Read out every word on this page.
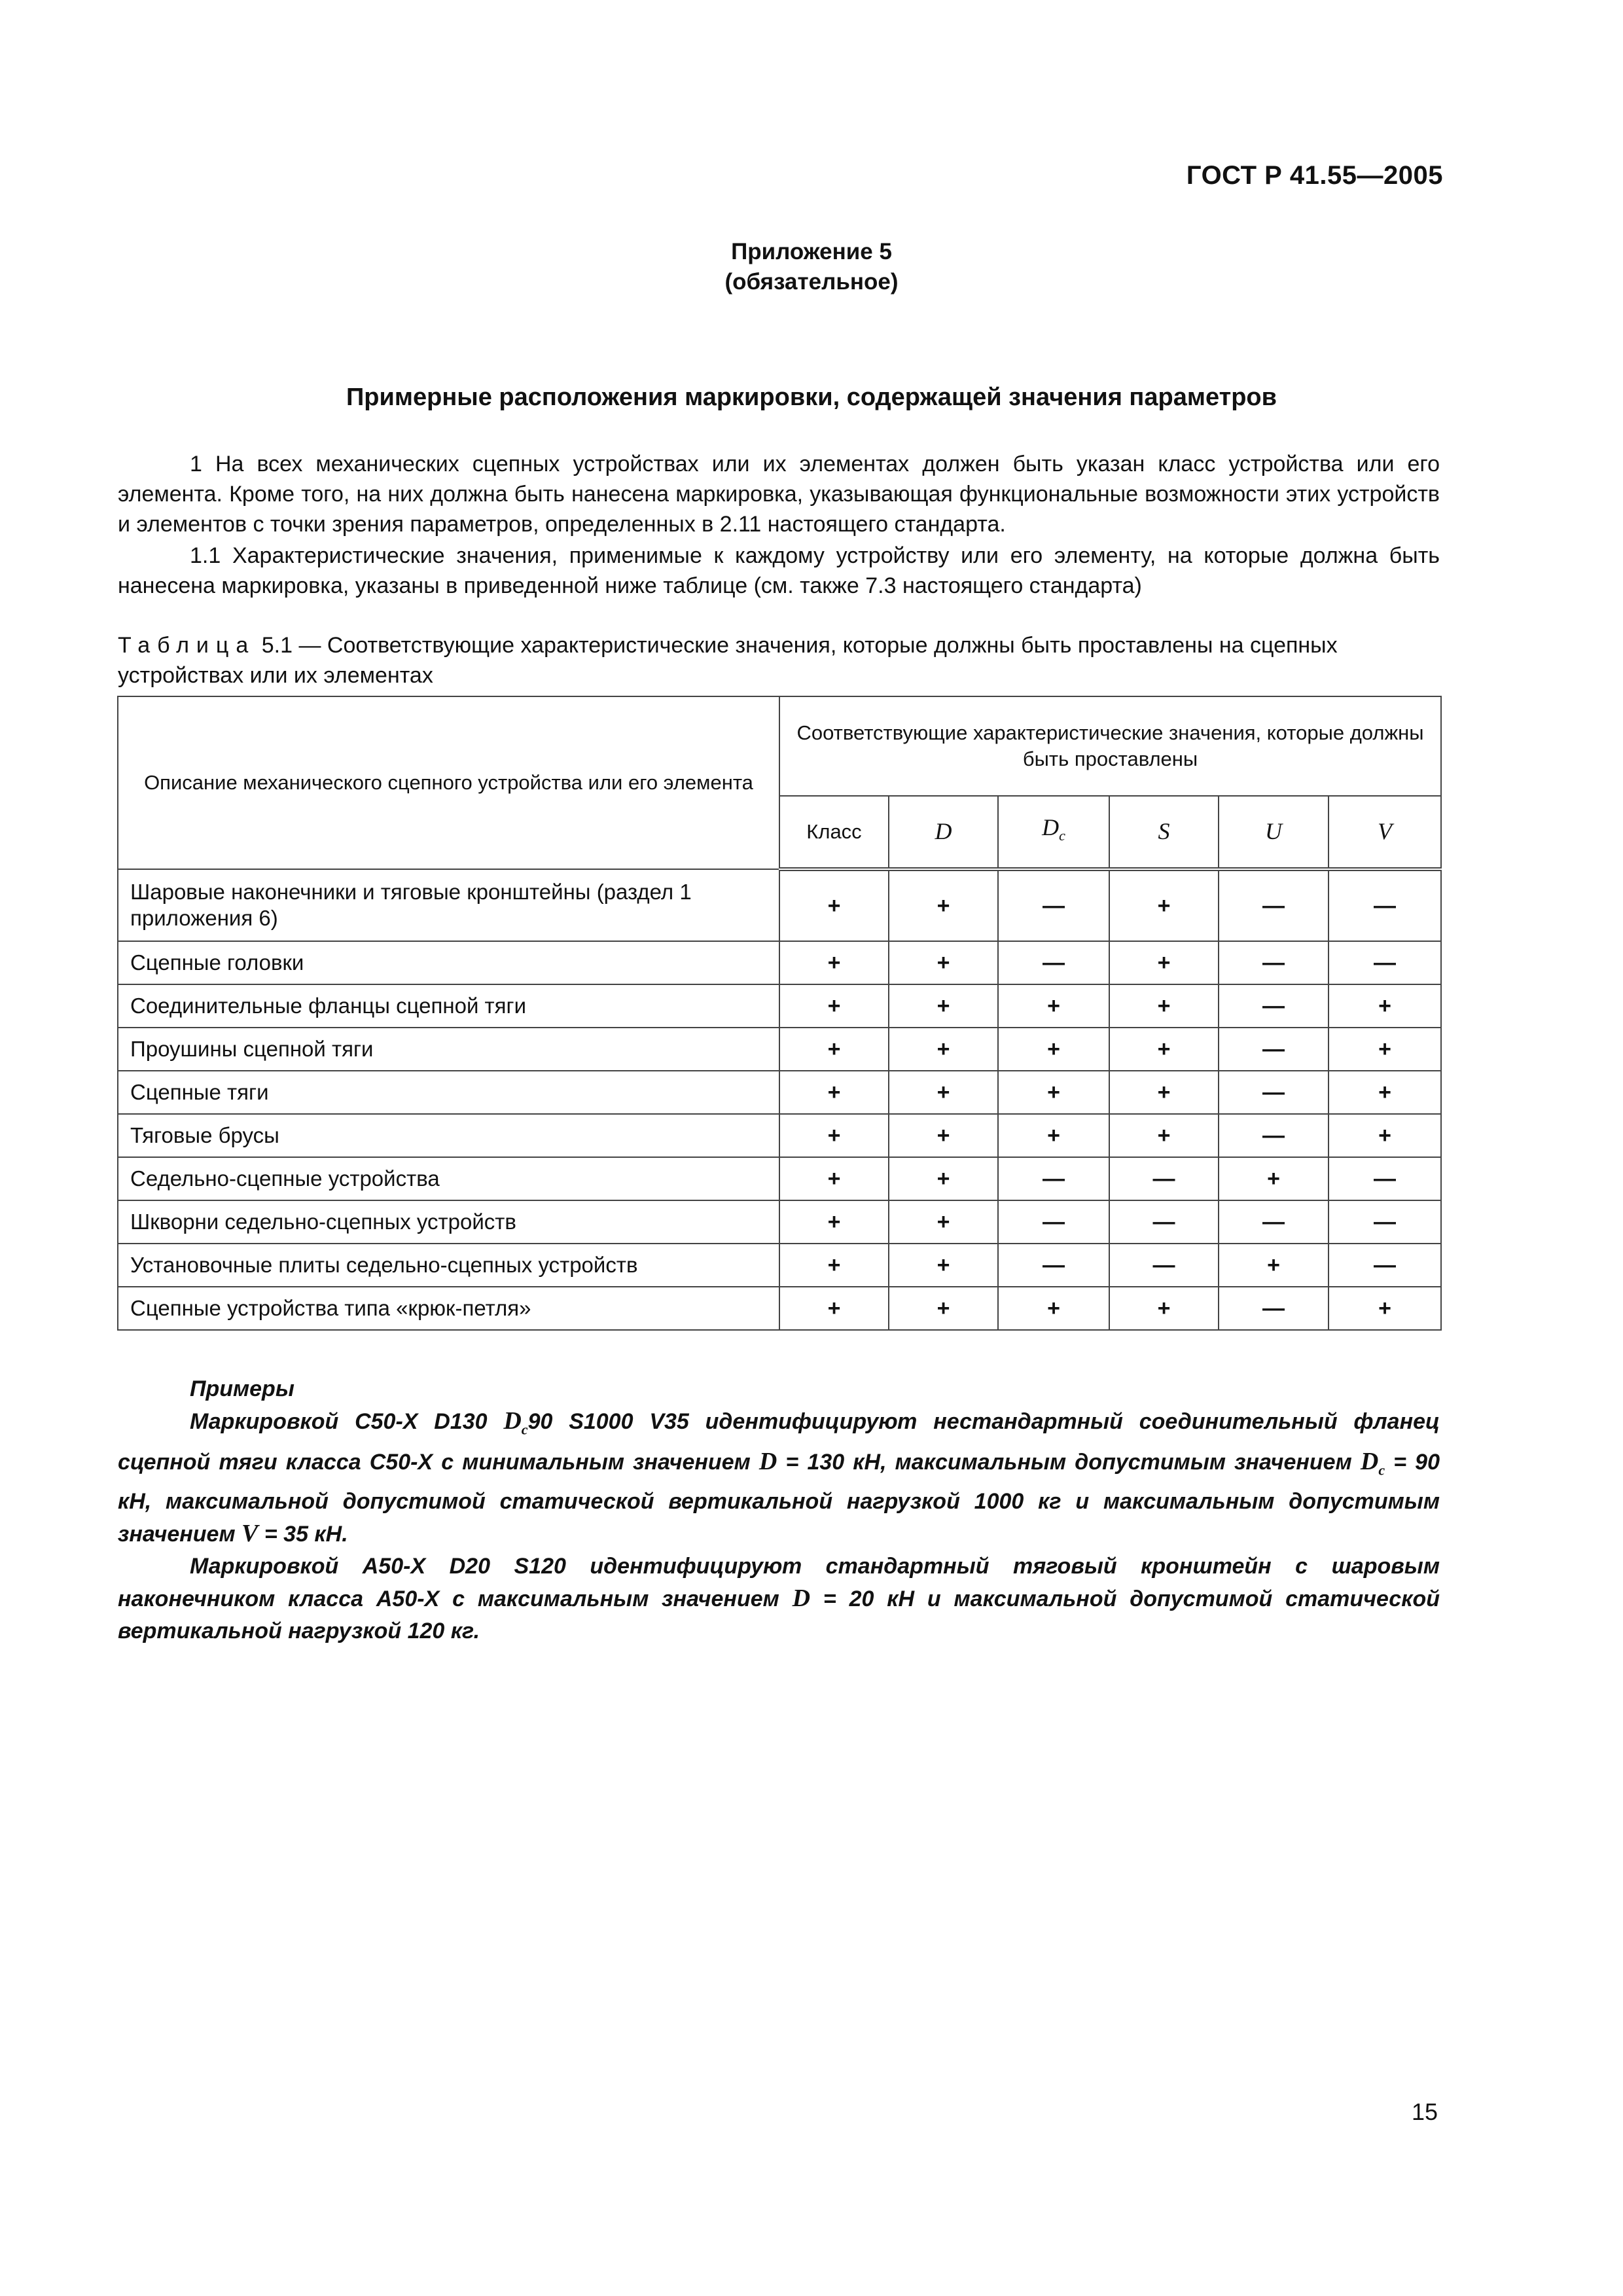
ГОСТ Р 41.55—2005
Приложение 5
(обязательное)
Примерные расположения маркировки, содержащей значения параметров

1 На всех механических сцепных устройствах или их элементах должен быть указан класс устройства или его элемента. Кроме того, на них должна быть нанесена маркировка, указывающая функциональные возможности этих устройств и элементов с точки зрения параметров, определенных в 2.11 настоящего стандарта.

1.1 Характеристические значения, применимые к каждому устройству или его элементу, на которые должна быть нанесена маркировка, указаны в приведенной ниже таблице (см. также 7.3 настоящего стандарта)

Таблица 5.1 — Соответствующие характеристические значения, которые должны быть проставлены на сцепных устройствах или их элементах
Описание механического сцепного устройства или его элемента	Соответствующие характеристические значения, которые должны быть проставлены					
	Класс	D	$D_c$	S	U	V
Шаровые наконечники и тяговые кронштейны (раздел 1 приложения 6)	+	+	—	+	—	—
Сцепные головки	+	+	—	+	—	—
Соединительные фланцы сцепной тяги	+	+	+	+	—	+
Проушины сцепной тяги	+	+	+	+	—	+
Сцепные тяги	+	+	+	+	—	+
Тяговые брусы	+	+	+	+	—	+
Седельно-сцепные устройства	+	+	—	—	+	—
Шкворни седельно-сцепных устройств	+	+	—	—	—	—
Установочные плиты седельно-сцепных устройств	+	+	—	—	+	—
Сцепные устройства типа «крюк-петля»	+	+	+	+	—	+

Примеры

Маркировкой С50-Х D130 $D_c90$ S1000 V35 идентифицируют нестандартный соединительный фланец сцепной тяги класса С50-Х с минимальным значением D = 130 кН, максимальным допустимым значением $D_c = 90$ кН, максимальной допустимой статической вертикальной нагрузкой 1000 кг и максимальным допустимым значением V = 35 кН.

Маркировкой А50-Х D20 S120 идентифицируют стандартный тяговый кронштейн с шаровым наконечником класса А50-Х с максимальным значением D = 20 кН и максимальной допустимой статической вертикальной нагрузкой 120 кг.

15
